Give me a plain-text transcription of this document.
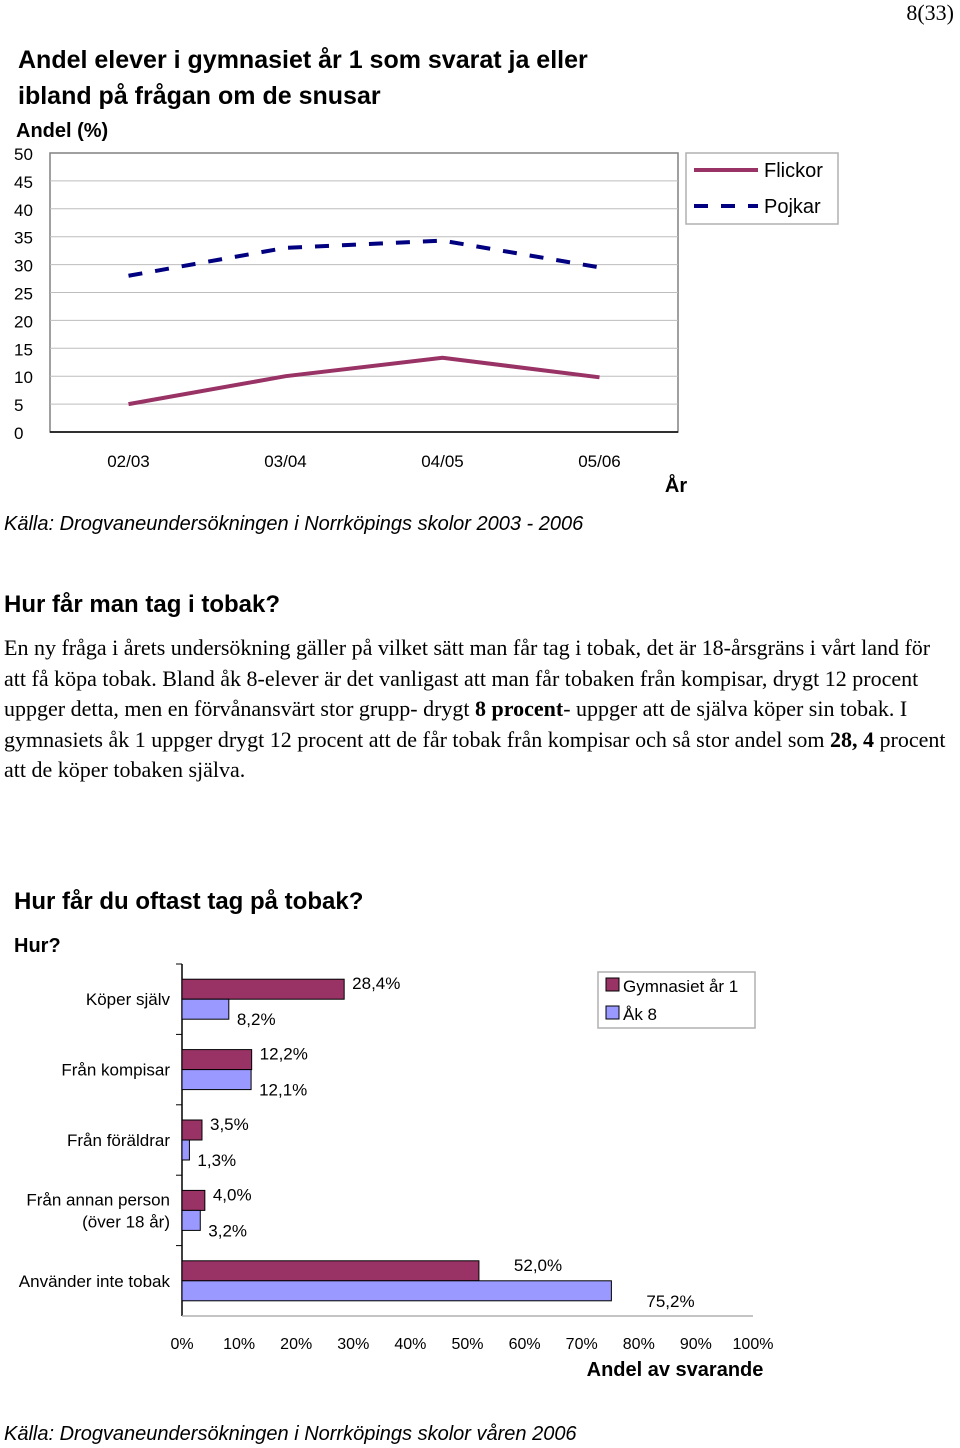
8(33)
Andel elever i gymnasiet år 1 som svarat ja eller ibland på frågan om de snusar
Andel (%)
0
5
10
15
20
25
30
35
40
45
50
02/03	03/04	04/05	05/06
År
Flickor
Pojkar
Källa: Drogvaneundersökningen i Norrköpings skolor 2003 - 2006
Hur får man tag i tobak?

En ny fråga i årets undersökning gäller på vilket sätt man får tag i tobak, det är 18-årsgräns i vårt land för att få köpa tobak. Bland åk 8-elever är det vanligast att man får tobaken från kompisar, drygt 12 procent uppger detta, men en förvånansvärt stor grupp- drygt 8 procent- uppger att de själva köper sin tobak. I gymnasiets åk 1 uppger drygt 12 procent att de får tobak från kompisar och så stor andel som 28, 4 procent att de köper tobaken själva.

Hur får du oftast tag på tobak?
Hur?
Köper själv
28,4%
8,2%
Från kompisar
12,2%
12,1%
Från föräldrar
3,5%
1,3%
Från annan person
(över 18 år)
4,0%
3,2%
Använder inte tobak
52,0%
75,2%
0% 10% 20% 30% 40% 50% 60% 70% 80% 90% 100%
Andel av svarande
Gymnasiet år 1
Åk 8
Källa: Drogvaneundersökningen i Norrköpings skolor våren 2006
